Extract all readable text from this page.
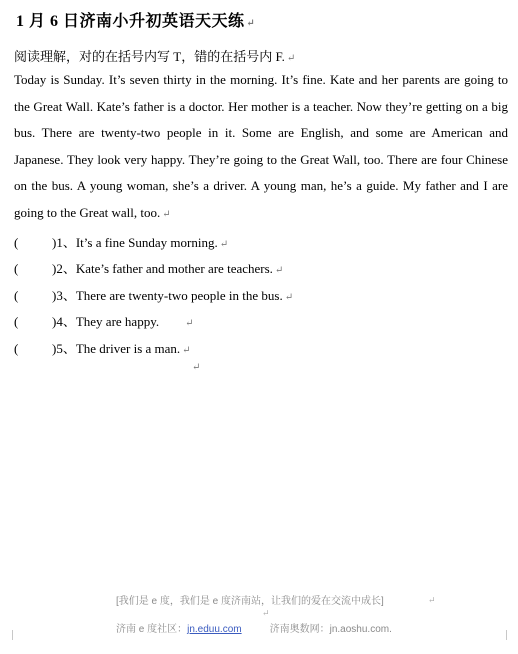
1 月 6 日济南小升初英语天天练 ↵
阅读理解，对的在括号内写 T，错的在括号内 F. ↵

Today is Sunday. It’s seven thirty in the morning. It’s fine. Kate and her parents are going to the Great Wall. Kate’s father is a doctor. Her mother is a teacher. Now they’re getting on a big bus. There are twenty-two people in it. Some are English, and some are American and Japanese. They look very happy. They’re going to the Great Wall, too. There are four Chinese on the bus. A young woman, she’s a driver. A young man, he’s a guide. My father and I are going to the Great wall, too. ↵

(	)1、It’s a fine Sunday morning. ↵
(	)2、Kate’s father and mother are teachers. ↵
(	)3、There are twenty-two people in the bus. ↵
(	)4、They are happy.	↵
(	)5、The driver is a man. ↵
↵
[我们是 e 度，我们是 e 度济南站，让我们的爱在交流中成长]	↵
↵
济南 e 度社区：jn.eduu.com	济南奥数网：jn.aoshu.com.
